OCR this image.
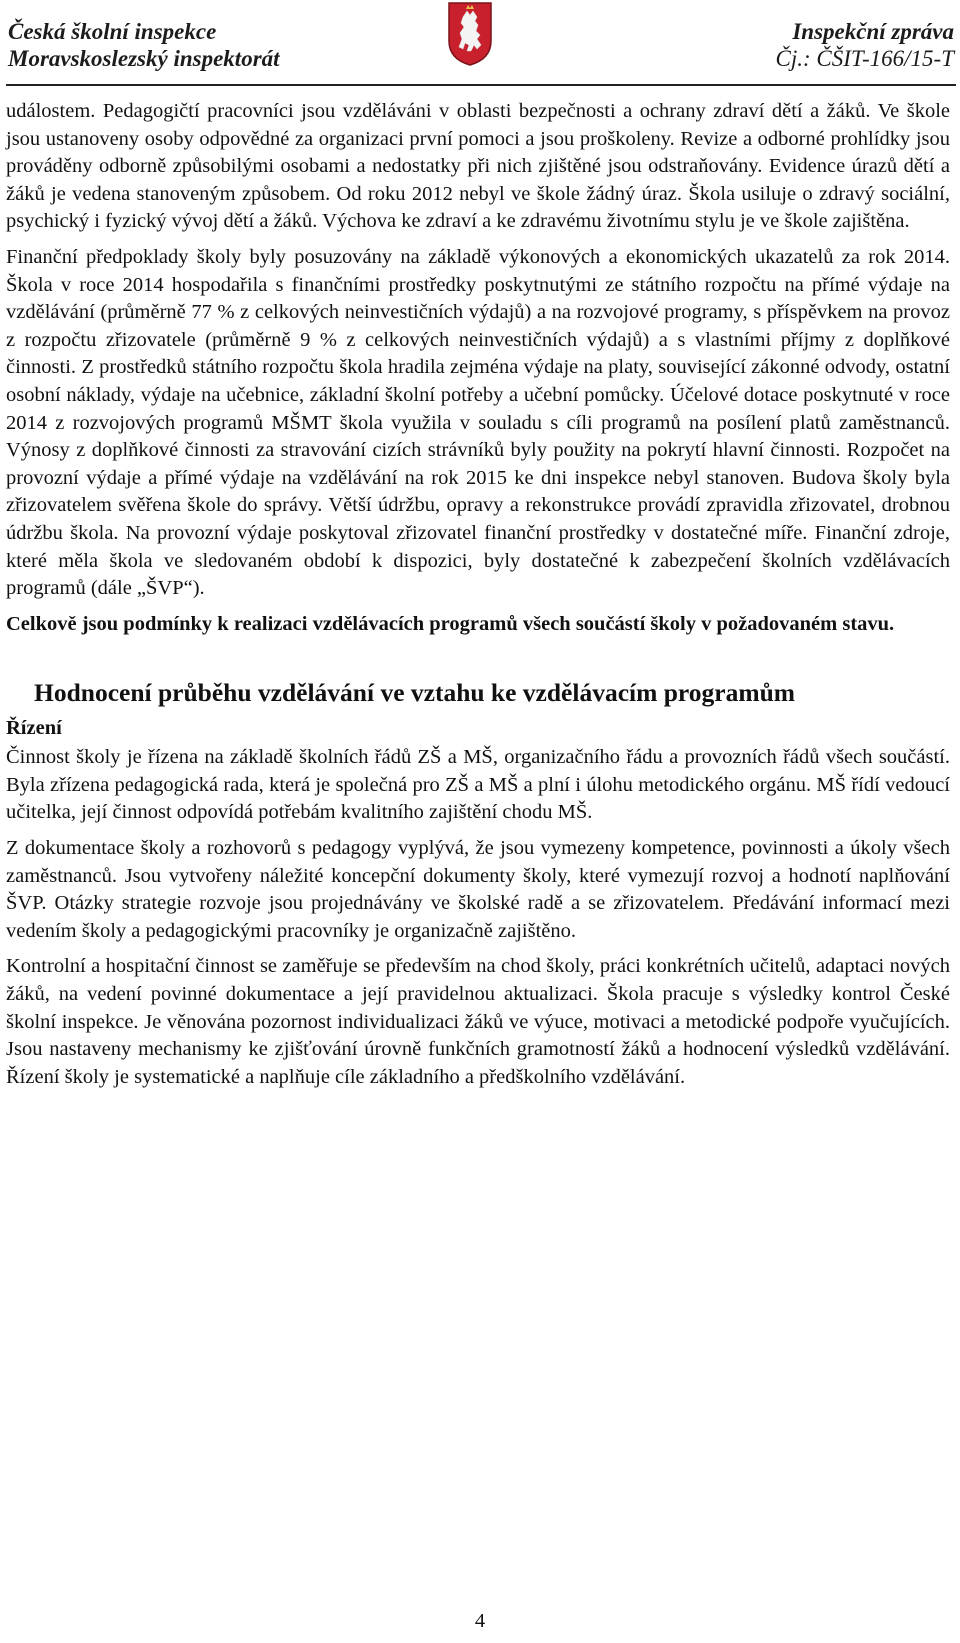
Česká školní inspekce
Moravskoslezský inspektorát
Inspekční zpráva
Čj.: ČŠIT-166/15-T

událostem. Pedagogičtí pracovníci jsou vzděláváni v oblasti bezpečnosti a ochrany zdraví dětí a žáků. Ve škole jsou ustanoveny osoby odpovědné za organizaci první pomoci a jsou proškoleny. Revize a odborné prohlídky jsou prováděny odborně způsobilými osobami a nedostatky při nich zjištěné jsou odstraňovány. Evidence úrazů dětí a žáků je vedena stanoveným způsobem. Od roku 2012 nebyl ve škole žádný úraz. Škola usiluje o zdravý sociální, psychický i fyzický vývoj dětí a žáků. Výchova ke zdraví a ke zdravému životnímu stylu je ve škole zajištěna.

Finanční předpoklady školy byly posuzovány na základě výkonových a ekonomických ukazatelů za rok 2014. Škola v roce 2014 hospodařila s finančními prostředky poskytnutými ze státního rozpočtu na přímé výdaje na vzdělávání (průměrně 77 % z celkových neinvestičních výdajů) a na rozvojové programy, s příspěvkem na provoz z rozpočtu zřizovatele (průměrně 9 % z celkových neinvestičních výdajů) a s vlastními příjmy z doplňkové činnosti. Z prostředků státního rozpočtu škola hradila zejména výdaje na platy, související zákonné odvody, ostatní osobní náklady, výdaje na učebnice, základní školní potřeby a učební pomůcky. Účelové dotace poskytnuté v roce 2014 z rozvojových programů MŠMT škola využila v souladu s cíli programů na posílení platů zaměstnanců. Výnosy z doplňkové činnosti za stravování cizích strávníků byly použity na pokrytí hlavní činnosti. Rozpočet na provozní výdaje a přímé výdaje na vzdělávání na rok 2015 ke dni inspekce nebyl stanoven. Budova školy byla zřizovatelem svěřena škole do správy. Větší údržbu, opravy a rekonstrukce provádí zpravidla zřizovatel, drobnou údržbu škola. Na provozní výdaje poskytoval zřizovatel finanční prostředky v dostatečné míře. Finanční zdroje, které měla škola ve sledovaném období k dispozici, byly dostatečné k zabezpečení školních vzdělávacích programů (dále „ŠVP“).

Celkově jsou podmínky k realizaci vzdělávacích programů všech součástí školy v požadovaném stavu.

Hodnocení průběhu vzdělávání ve vztahu ke vzdělávacím programům
Řízení

Činnost školy je řízena na základě školních řádů ZŠ a MŠ, organizačního řádu a provozních řádů všech součástí. Byla zřízena pedagogická rada, která je společná pro ZŠ a MŠ a plní i úlohu metodického orgánu. MŠ řídí vedoucí učitelka, její činnost odpovídá potřebám kvalitního zajištění chodu MŠ.

Z dokumentace školy a rozhovorů s pedagogy vyplývá, že jsou vymezeny kompetence, povinnosti a úkoly všech zaměstnanců. Jsou vytvořeny náležité koncepční dokumenty školy, které vymezují rozvoj a hodnotí naplňování ŠVP. Otázky strategie rozvoje jsou projednávány ve školské radě a se zřizovatelem. Předávání informací mezi vedením školy a pedagogickými pracovníky je organizačně zajištěno.

Kontrolní a hospitační činnost se zaměřuje se především na chod školy, práci konkrétních učitelů, adaptaci nových žáků, na vedení povinné dokumentace a její pravidelnou aktualizaci. Škola pracuje s výsledky kontrol České školní inspekce. Je věnována pozornost individualizaci žáků ve výuce, motivaci a metodické podpoře vyučujících. Jsou nastaveny mechanismy ke zjišťování úrovně funkčních gramotností žáků a hodnocení výsledků vzdělávání. Řízení školy je systematické a naplňuje cíle základního a předškolního vzdělávání.

4
